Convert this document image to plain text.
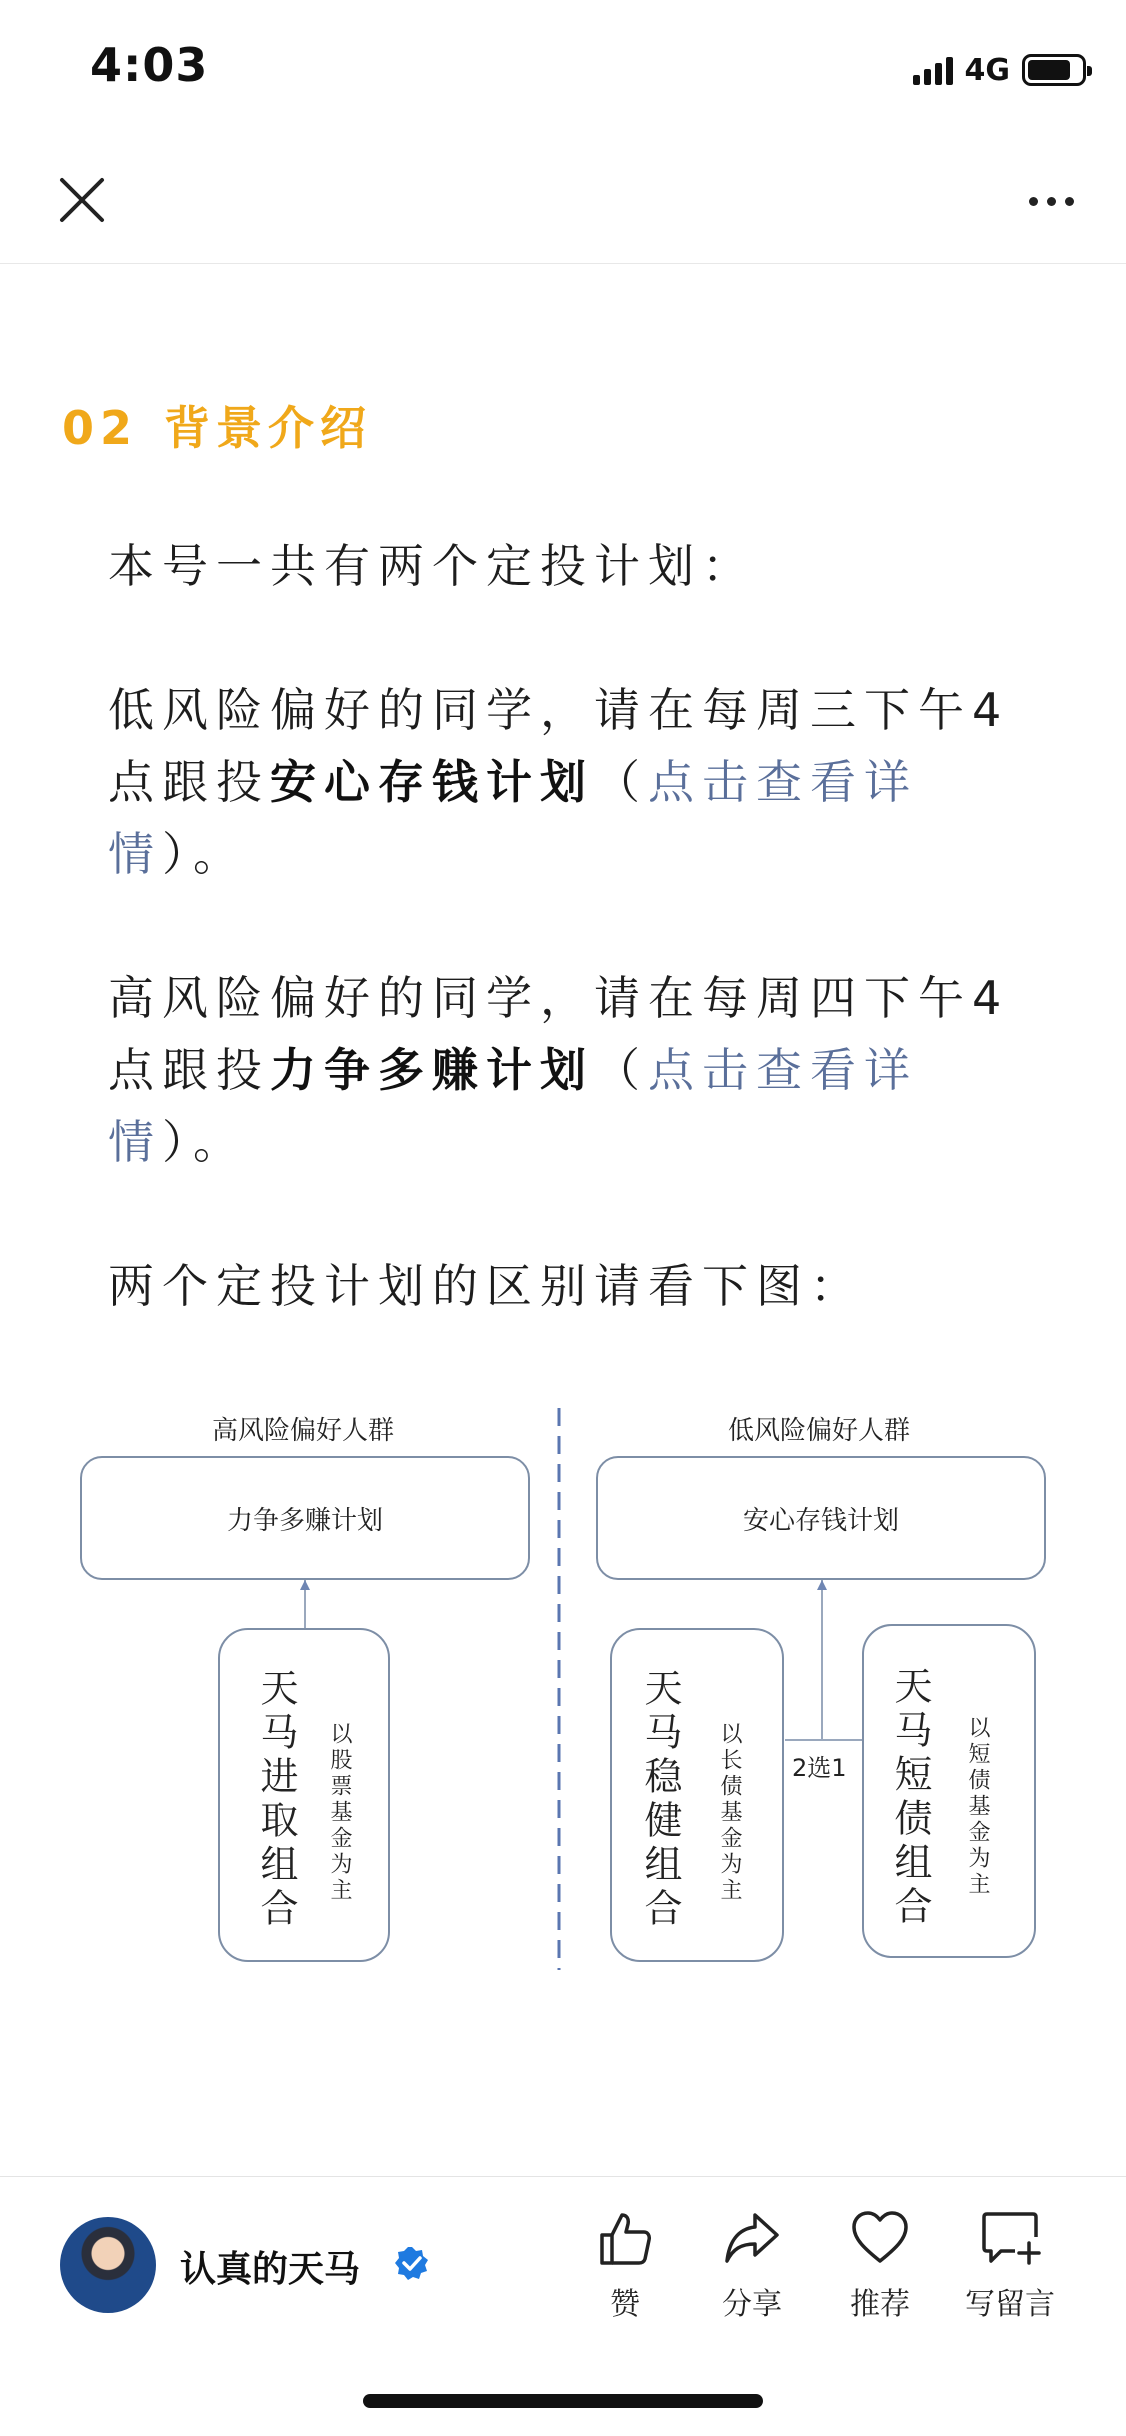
4:03	4G
02 背景介绍

本号一共有两个定投计划：

低风险偏好的同学，请在每周三下午4点跟投安心存钱计划（点击查看详情）。

高风险偏好的同学，请在每周四下午4点跟投力争多赚计划（点击查看详情）。

两个定投计划的区别请看下图：

高风险偏好人群	低风险偏好人群
力争多赚计划	安心存钱计划
天马进取组合 以股票基金为主	天马稳健组合 以长债基金为主	天马短债组合 以短债基金为主
2选1
认真的天马
赞	分享	推荐	写留言
